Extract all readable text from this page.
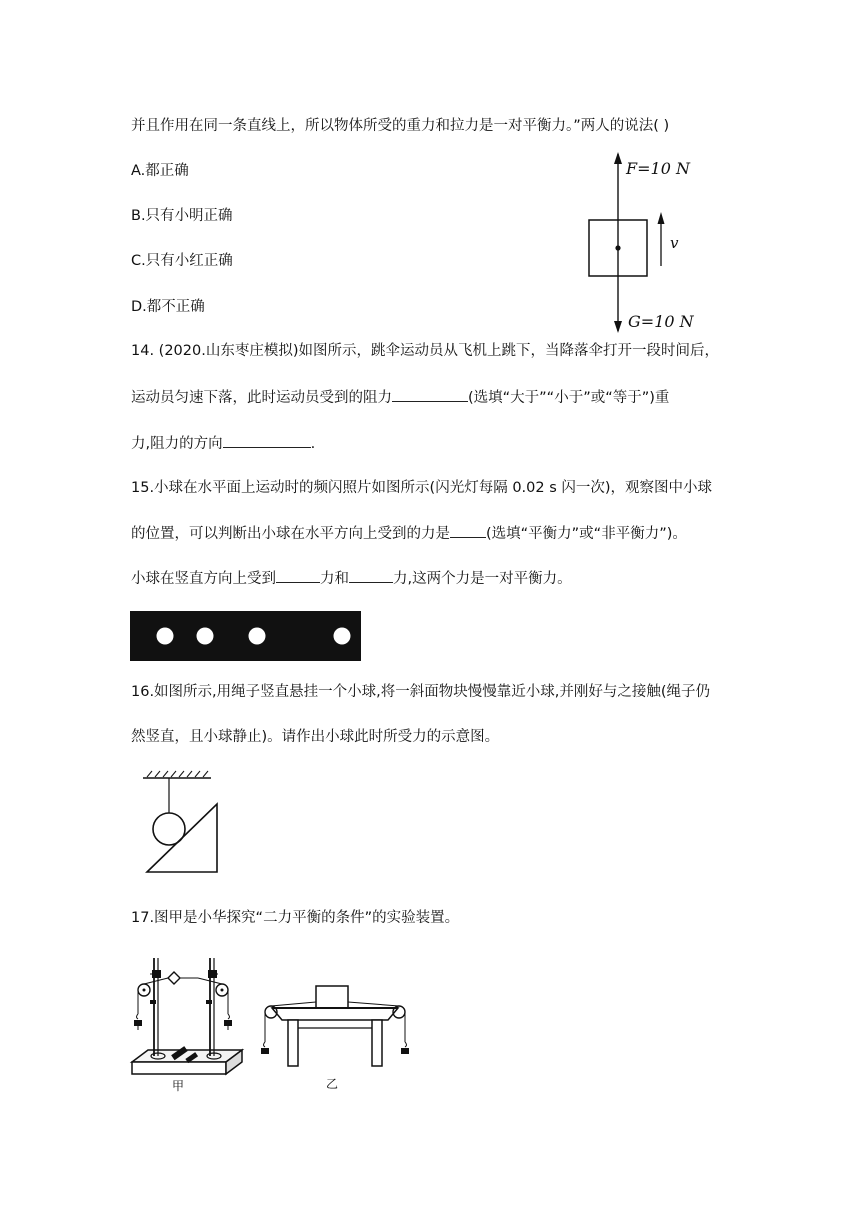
并且作用在同一条直线上，所以物体所受的重力和拉力是一对平衡力。”两人的说法( )
A.都正确
B.只有小明正确
C.只有小红正确
D.都不正确
F=10 N
v
G=10 N
14. (2020.山东枣庄模拟)如图所示，跳伞运动员从飞机上跳下，当降落伞打开一段时间后，
运动员匀速下落，此时运动员受到的阻力	(选填“大于”“小于”或“等于”)重
力,阻力的方向	.
15.小球在水平面上运动时的频闪照片如图所示(闪光灯每隔 0.02 s 闪一次)，观察图中小球
的位置，可以判断出小球在水平方向上受到的力是 (选填“平衡力”或“非平衡力”)。
小球在竖直方向上受到	力和	力,这两个力是一对平衡力。
16.如图所示,用绳子竖直悬挂一个小球,将一斜面物块慢慢靠近小球,并刚好与之接触(绳子仍
然竖直，且小球静止)。请作出小球此时所受力的示意图。
17.图甲是小华探究“二力平衡的条件”的实验装置。
甲	乙
